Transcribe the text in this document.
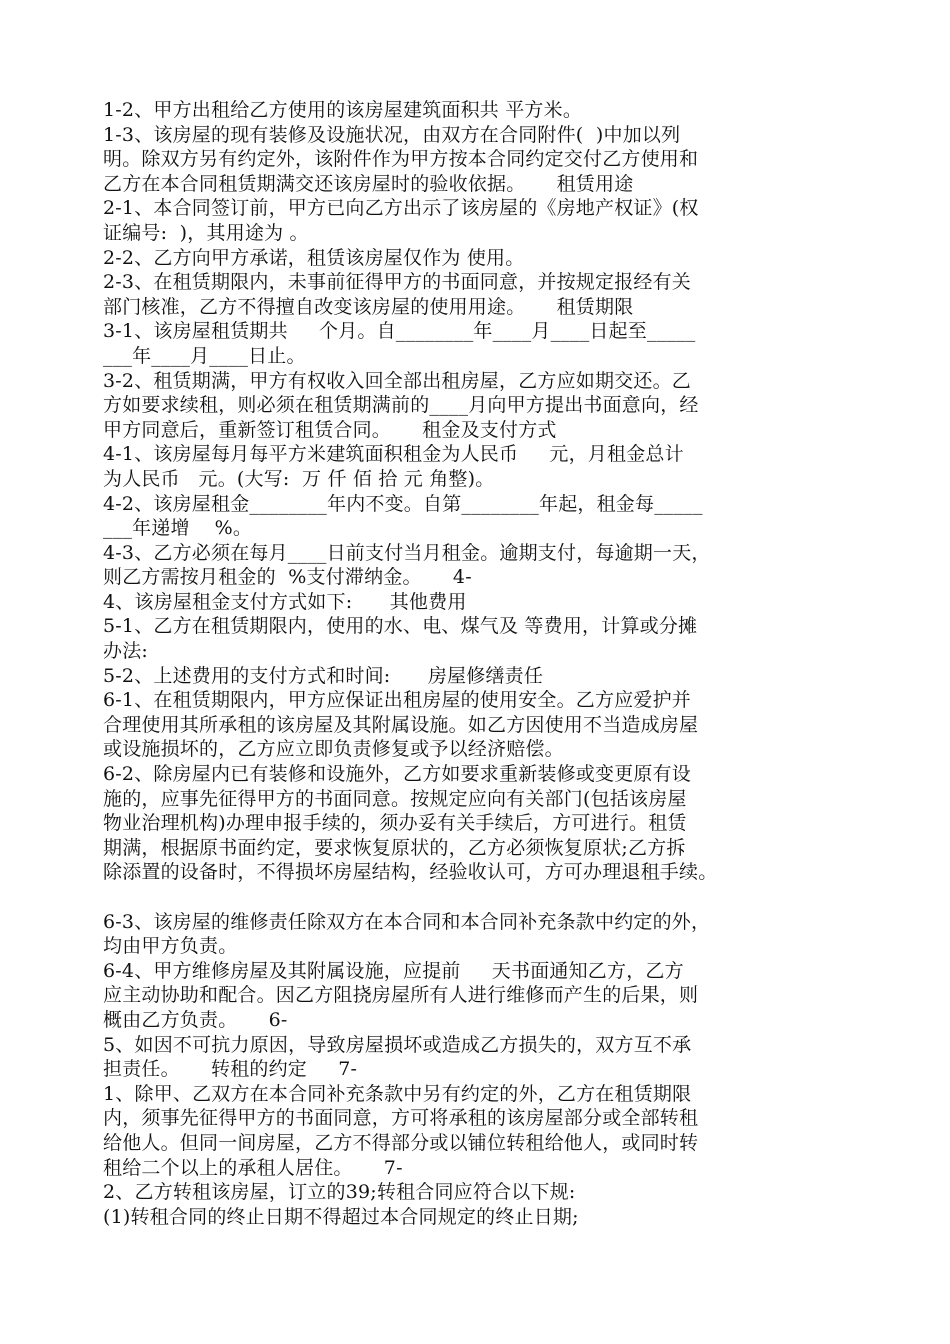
1-2、甲方出租给乙方使用的该房屋建筑面积共 平方米。
1-3、该房屋的现有装修及设施状况，由双方在合同附件(  )中加以列
明。除双方另有约定外，该附件作为甲方按本合同约定交付乙方使用和
乙方在本合同租赁期满交还该房屋时的验收依据。     租赁用途
2-1、本合同签订前，甲方已向乙方出示了该房屋的《房地产权证》(权
证编号:  )，其用途为 。
2-2、乙方向甲方承诺，租赁该房屋仅作为 使用。
2-3、在租赁期限内，未事前征得甲方的书面同意，并按规定报经有关
部门核准，乙方不得擅自改变该房屋的使用用途。     租赁期限
3-1、该房屋租赁期共     个月。自________年____月____日起至_____
___年____月____日止。
3-2、租赁期满，甲方有权收入回全部出租房屋，乙方应如期交还。乙
方如要求续租，则必须在租赁期满前的____月向甲方提出书面意向，经
甲方同意后，重新签订租赁合同。     租金及支付方式
4-1、该房屋每月每平方米建筑面积租金为人民币     元，月租金总计
为人民币   元。(大写:  万 仟 佰 拾 元 角整)。
4-2、该房屋租金________年内不变。自第________年起，租金每_____
___年递增    %。
4-3、乙方必须在每月____日前支付当月租金。逾期支付，每逾期一天，
则乙方需按月租金的  %支付滞纳金。     4-
4、该房屋租金支付方式如下:      其他费用
5-1、乙方在租赁期限内，使用的水、电、煤气及 等费用，计算或分摊
办法:
5-2、上述费用的支付方式和时间:      房屋修缮责任
6-1、在租赁期限内，甲方应保证出租房屋的使用安全。乙方应爱护并
合理使用其所承租的该房屋及其附属设施。如乙方因使用不当造成房屋
或设施损坏的，乙方应立即负责修复或予以经济赔偿。
6-2、除房屋内已有装修和设施外，乙方如要求重新装修或变更原有设
施的，应事先征得甲方的书面同意。按规定应向有关部门(包括该房屋
物业治理机构)办理申报手续的，须办妥有关手续后，方可进行。租赁
期满，根据原书面约定，要求恢复原状的，乙方必须恢复原状;乙方拆
除添置的设备时，不得损坏房屋结构，经验收认可，方可办理退租手续。
6-3、该房屋的维修责任除双方在本合同和本合同补充条款中约定的外，
均由甲方负责。
6-4、甲方维修房屋及其附属设施，应提前     天书面通知乙方，乙方
应主动协助和配合。因乙方阻挠房屋所有人进行维修而产生的后果，则
概由乙方负责。     6-
5、如因不可抗力原因，导致房屋损坏或造成乙方损失的，双方互不承
担责任。     转租的约定     7-
1、除甲、乙双方在本合同补充条款中另有约定的外，乙方在租赁期限
内，须事先征得甲方的书面同意，方可将承租的该房屋部分或全部转租
给他人。但同一间房屋，乙方不得部分或以铺位转租给他人，或同时转
租给二个以上的承租人居住。     7-
2、乙方转租该房屋，订立的39;转租合同应符合以下规:
(1)转租合同的终止日期不得超过本合同规定的终止日期;
